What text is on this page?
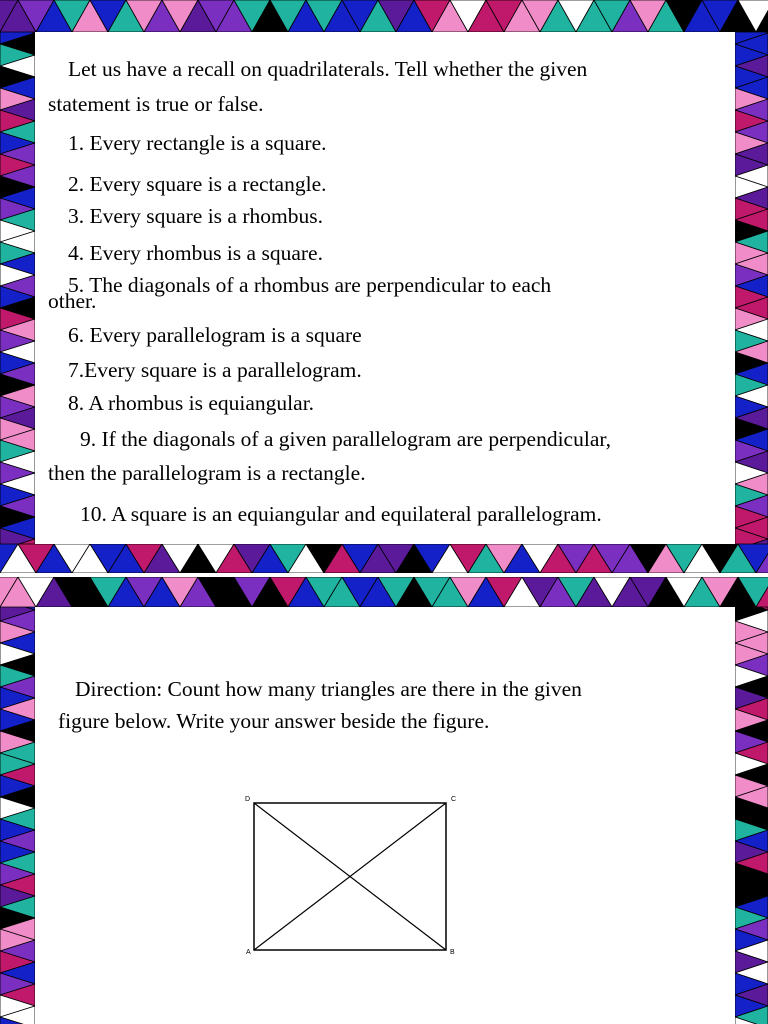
Let us have a recall on quadrilaterals. Tell whether the given
statement is true or false.
1. Every rectangle is a square.
2. Every square is a rectangle.
3. Every square is a rhombus.
4. Every rhombus is a square.
5. The diagonals of a rhombus are perpendicular to each
other.
6. Every parallelogram is a square
7.Every square is a parallelogram.
8. A rhombus is equiangular.
9. If the diagonals of a given parallelogram are perpendicular,
then the parallelogram is a rectangle.
10. A square is an equiangular and equilateral parallelogram.
Direction: Count how many triangles are there in the given
figure below. Write your answer beside the figure.
D	C
A	B
